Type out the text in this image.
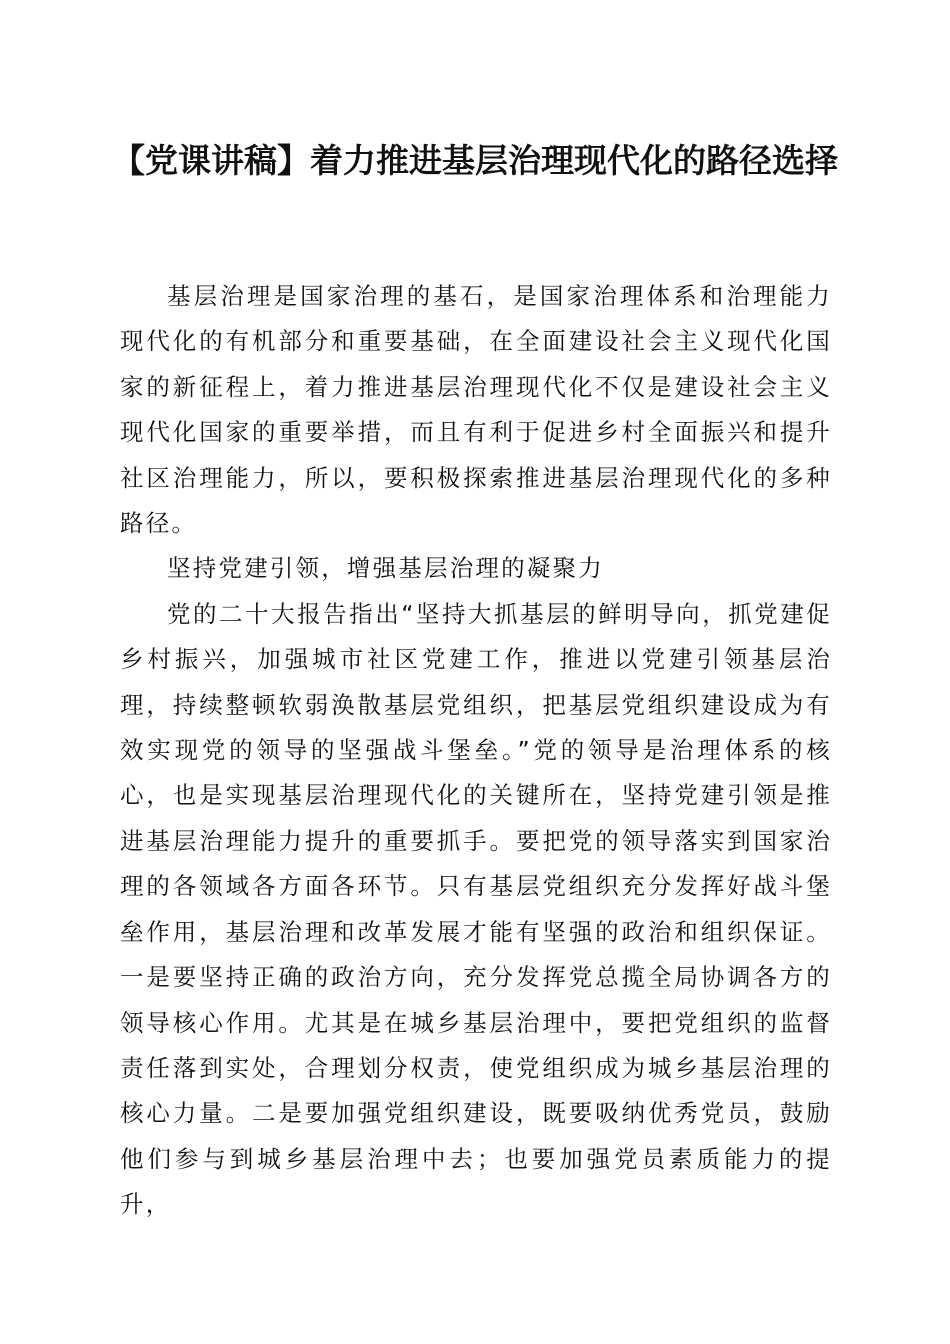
【党课讲稿】着力推进基层治理现代化的路径选择

基层治理是国家治理的基石，是国家治理体系和治理能力现代化的有机部分和重要基础，在全面建设社会主义现代化国家的新征程上，着力推进基层治理现代化不仅是建设社会主义现代化国家的重要举措，而且有利于促进乡村全面振兴和提升社区治理能力，所以，要积极探索推进基层治理现代化的多种路径。

坚持党建引领，增强基层治理的凝聚力

党的二十大报告指出“坚持大抓基层的鲜明导向，抓党建促乡村振兴，加强城市社区党建工作，推进以党建引领基层治理，持续整顿软弱涣散基层党组织，把基层党组织建设成为有效实现党的领导的坚强战斗堡垒。”党的领导是治理体系的核心，也是实现基层治理现代化的关键所在，坚持党建引领是推进基层治理能力提升的重要抓手。要把党的领导落实到国家治理的各领域各方面各环节。只有基层党组织充分发挥好战斗堡垒作用，基层治理和改革发展才能有坚强的政治和组织保证。一是要坚持正确的政治方向，充分发挥党总揽全局协调各方的领导核心作用。尤其是在城乡基层治理中，要把党组织的监督责任落到实处，合理划分权责，使党组织成为城乡基层治理的核心力量。二是要加强党组织建设，既要吸纳优秀党员，鼓励他们参与到城乡基层治理中去；也要加强党员素质能力的提升，
